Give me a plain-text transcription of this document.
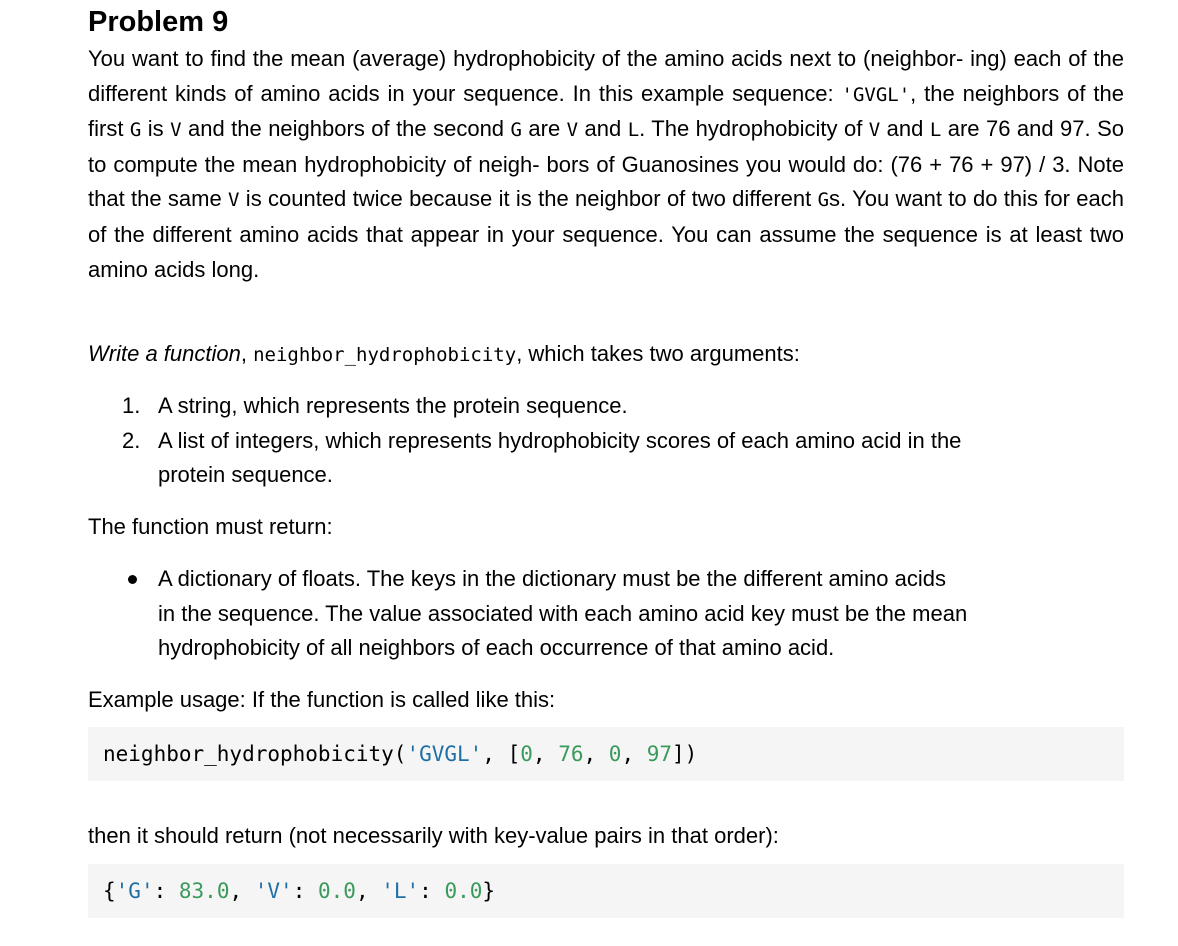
Problem 9

You want to find the mean (average) hydrophobicity of the amino acids next to (neighbor- ing) each of the different kinds of amino acids in your sequence. In this example sequence: 'GVGL', the neighbors of the first G is V and the neighbors of the second G are V and L. The hydrophobicity of V and L are 76 and 97. So to compute the mean hydrophobicity of neigh- bors of Guanosines you would do: (76 + 76 + 97) / 3. Note that the same V is counted twice because it is the neighbor of two different Gs. You want to do this for each of the different amino acids that appear in your sequence. You can assume the sequence is at least two amino acids long.

Write a function, neighbor_hydrophobicity, which takes two arguments:

1. A string, which represents the protein sequence.
2. A list of integers, which represents hydrophobicity scores of each amino acid in the
protein sequence.

The function must return:

A dictionary of floats. The keys in the dictionary must be the different amino acids
in the sequence. The value associated with each amino acid key must be the mean
hydrophobicity of all neighbors of each occurrence of that amino acid.

Example usage: If the function is called like this:

neighbor_hydrophobicity('GVGL', [0, 76, 0, 97])

then it should return (not necessarily with key-value pairs in that order):

{'G': 83.0, 'V': 0.0, 'L': 0.0}
